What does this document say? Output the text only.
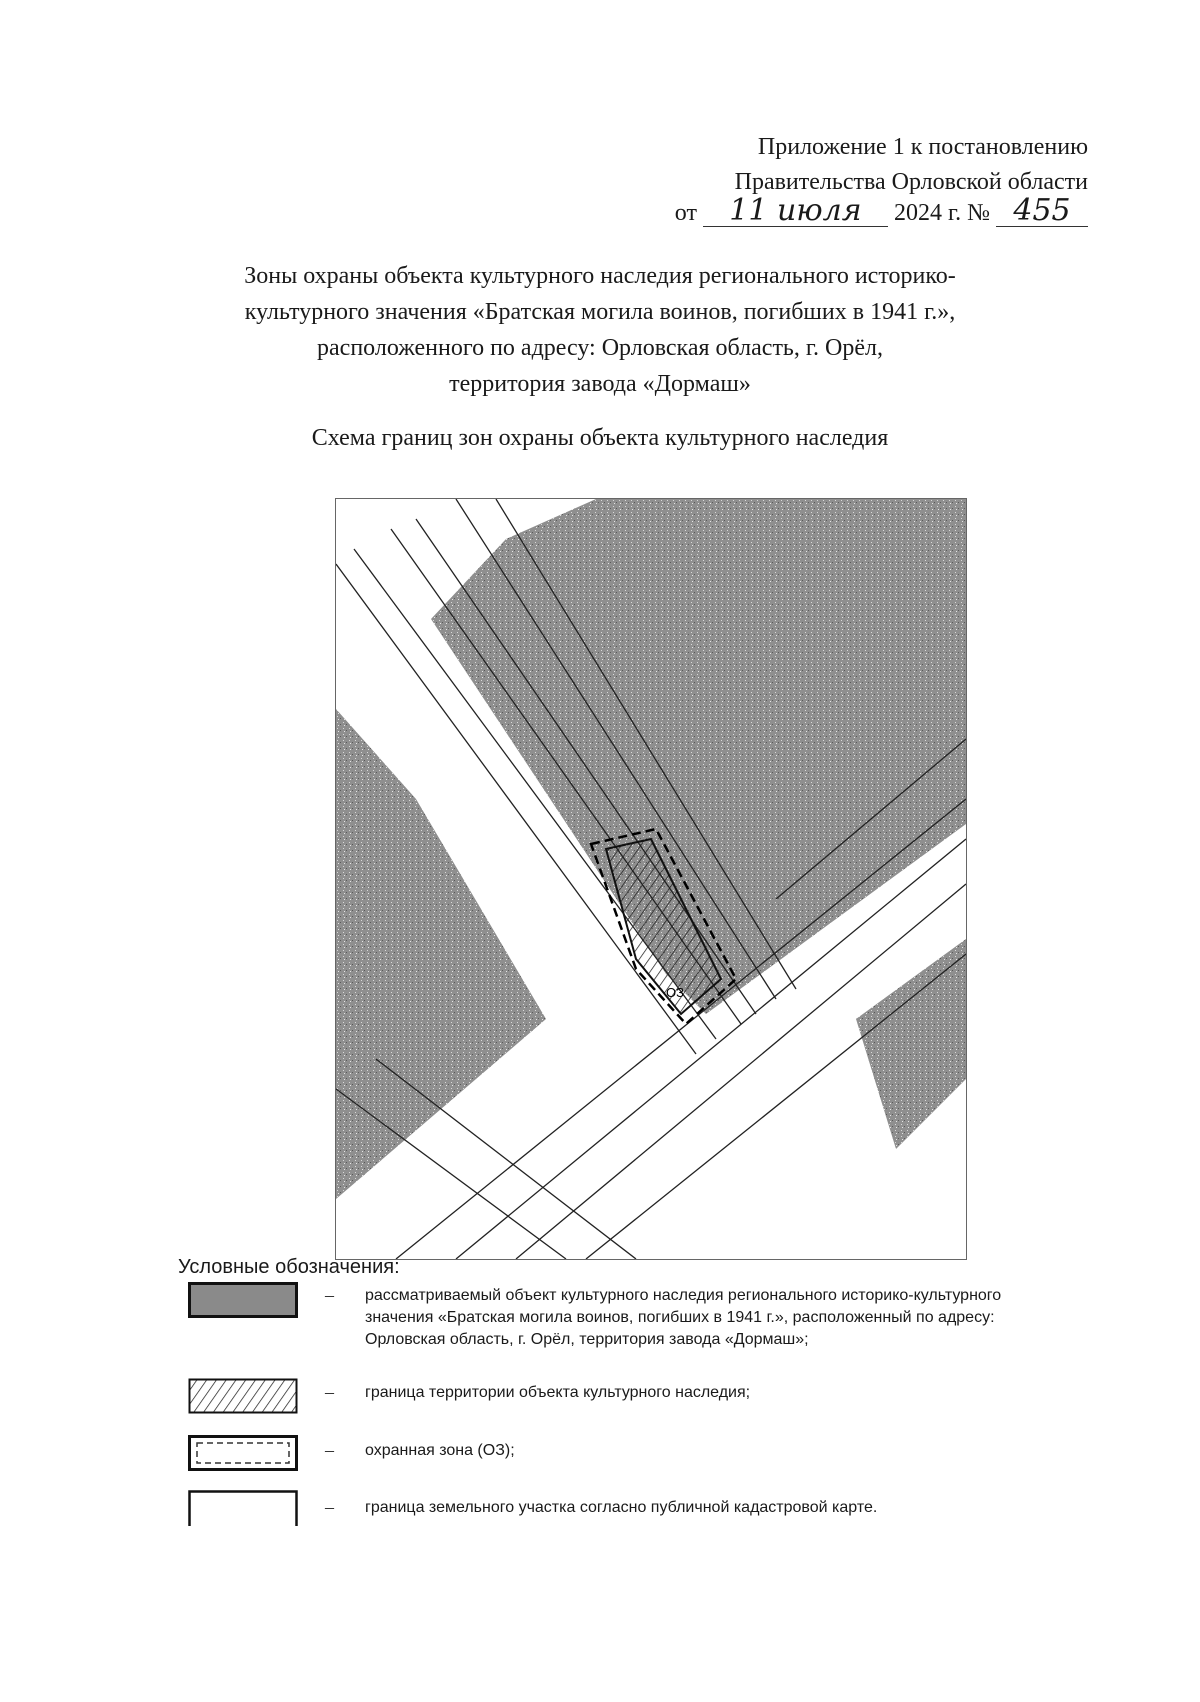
Приложение 1 к постановлению
Правительства Орловской области
от 11 июля 2024 г. № 455
Зоны охраны объекта культурного наследия регионального историко-
культурного значения «Братская могила воинов, погибших в 1941 г.»,
расположенного по адресу: Орловская область, г. Орёл,
территория завода «Дормаш»
Схема границ зон охраны объекта культурного наследия
ОЗ
Условные обозначения:
– рассматриваемый объект культурного наследия регионального историко-культурного значения «Братская могила воинов, погибших в 1941 г.», расположенный по адресу: Орловская область, г. Орёл, территория завода «Дормаш»;
– граница территории объекта культурного наследия;
– охранная зона (ОЗ);
– граница земельного участка согласно публичной кадастровой карте.
